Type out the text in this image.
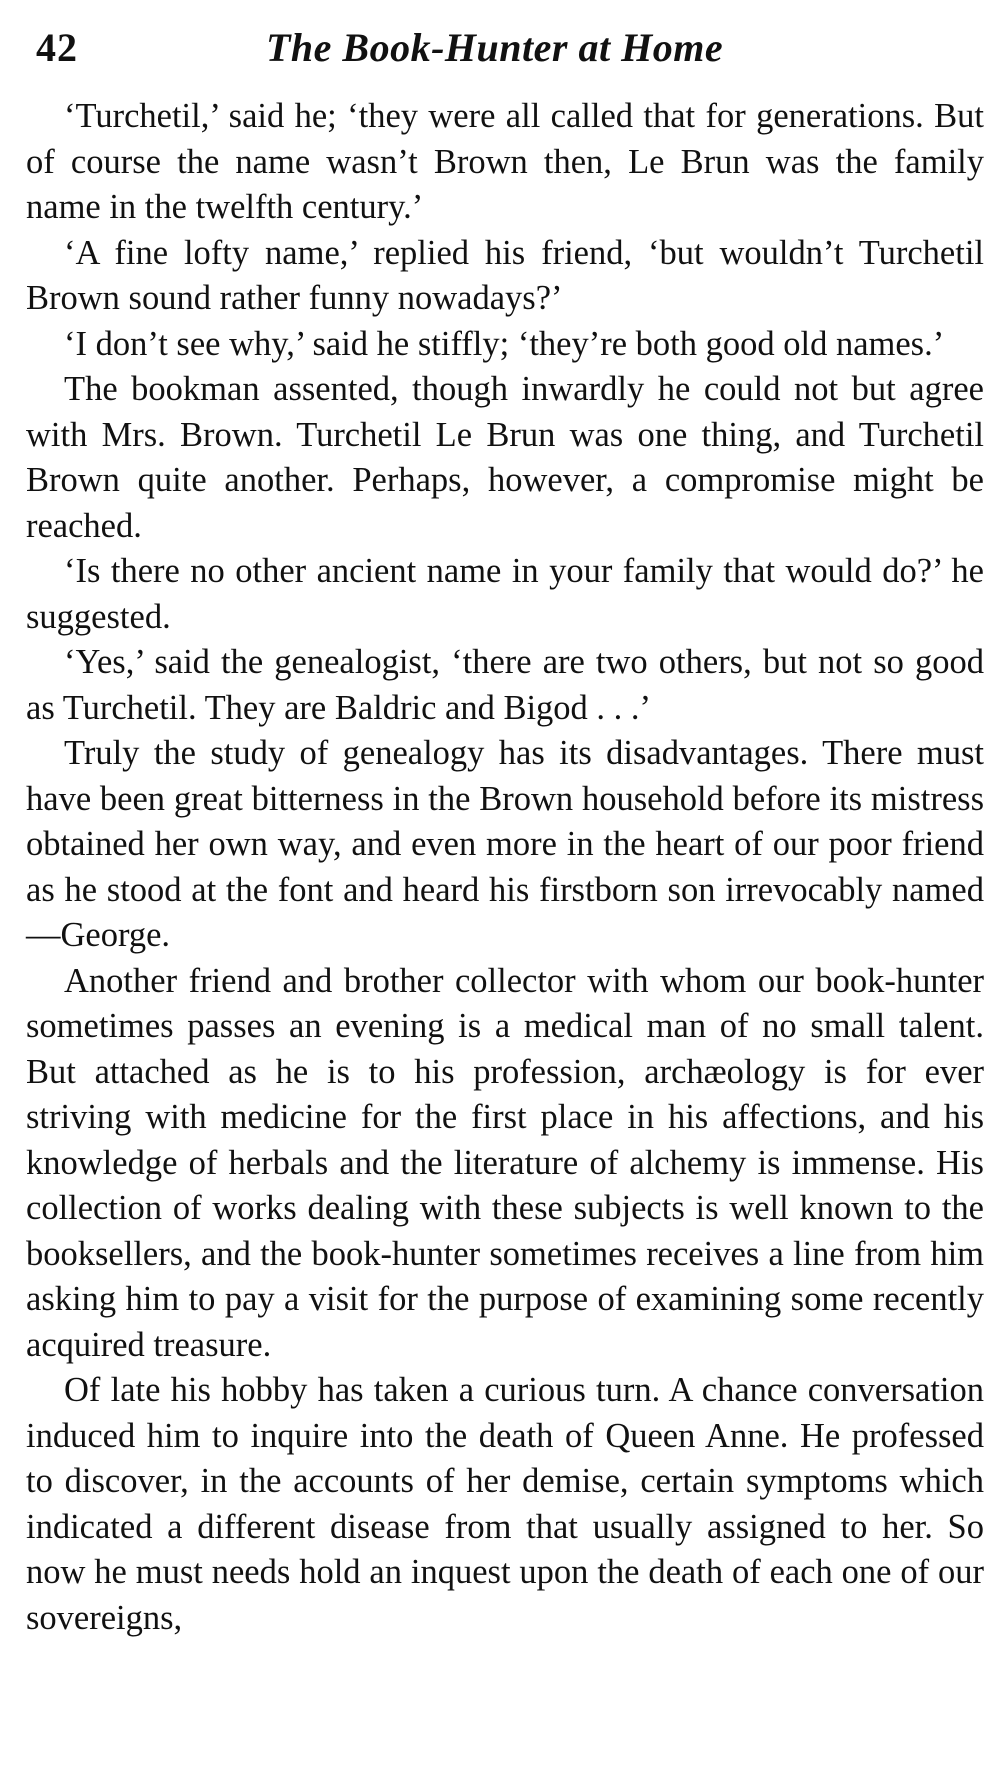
42	The Book-Hunter at Home

‘Turchetil,’ said he; ‘they were all called that for generations. But of course the name wasn’t Brown then, Le Brun was the family name in the twelfth century.’

‘A fine lofty name,’ replied his friend, ‘but wouldn’t Turchetil Brown sound rather funny nowadays?’

‘I don’t see why,’ said he stiffly; ‘they’re both good old names.’

The bookman assented, though inwardly he could not but agree with Mrs. Brown. Turchetil Le Brun was one thing, and Turchetil Brown quite another. Perhaps, however, a compromise might be reached.

‘Is there no other ancient name in your family that would do?’ he suggested.

‘Yes,’ said the genealogist, ‘there are two others, but not so good as Turchetil. They are Baldric and Bigod . . .’

Truly the study of genealogy has its disadvantages. There must have been great bitterness in the Brown household before its mistress obtained her own way, and even more in the heart of our poor friend as he stood at the font and heard his firstborn son irrevocably named—George.

Another friend and brother collector with whom our book-hunter sometimes passes an evening is a medical man of no small talent. But attached as he is to his profession, archæology is for ever striving with medicine for the first place in his affections, and his knowledge of herbals and the literature of alchemy is immense. His collection of works dealing with these subjects is well known to the booksellers, and the book-hunter sometimes receives a line from him asking him to pay a visit for the purpose of examining some recently acquired treasure.

Of late his hobby has taken a curious turn. A chance conversation induced him to inquire into the death of Queen Anne. He professed to discover, in the accounts of her demise, certain symptoms which indicated a different disease from that usually assigned to her. So now he must needs hold an inquest upon the death of each one of our sovereigns,
